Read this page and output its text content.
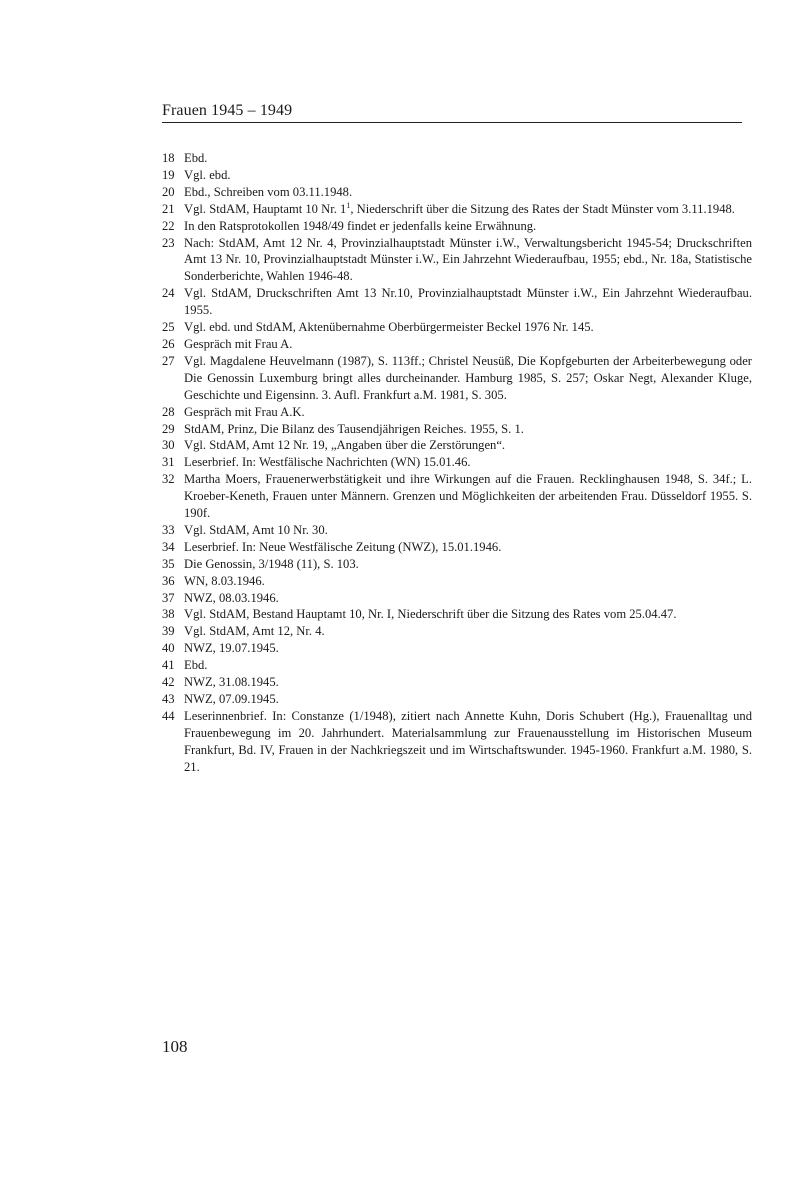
Frauen 1945 – 1949
18 Ebd.
19 Vgl. ebd.
20 Ebd., Schreiben vom 03.11.1948.
21 Vgl. StdAM, Hauptamt 10 Nr. $1^1$, Niederschrift über die Sitzung des Rates der Stadt Münster vom 3.11.1948.
22 In den Ratsprotokollen 1948/49 findet er jedenfalls keine Erwähnung.
23 Nach: StdAM, Amt 12 Nr. 4, Provinzialhauptstadt Münster i.W., Verwaltungsbericht 1945-54; Druckschriften Amt 13 Nr. 10, Provinzialhauptstadt Münster i.W., Ein Jahrzehnt Wiederaufbau, 1955; ebd., Nr. 18a, Statistische Sonderberichte, Wahlen 1946-48.
24 Vgl. StdAM, Druckschriften Amt 13 Nr.10, Provinzialhauptstadt Münster i.W., Ein Jahrzehnt Wiederaufbau. 1955.
25 Vgl. ebd. und StdAM, Aktenübernahme Oberbürgermeister Beckel 1976 Nr. 145.
26 Gespräch mit Frau A.
27 Vgl. Magdalene Heuvelmann (1987), S. 113ff.; Christel Neusüß, Die Kopfgeburten der Arbeiterbewegung oder Die Genossin Luxemburg bringt alles durcheinander. Hamburg 1985, S. 257; Oskar Negt, Alexander Kluge, Geschichte und Eigensinn. 3. Aufl. Frankfurt a.M. 1981, S. 305.
28 Gespräch mit Frau A.K.
29 StdAM, Prinz, Die Bilanz des Tausendjährigen Reiches. 1955, S. 1.
30 Vgl. StdAM, Amt 12 Nr. 19, „Angaben über die Zerstörungen“.
31 Leserbrief. In: Westfälische Nachrichten (WN) 15.01.46.
32 Martha Moers, Frauenerwerbstätigkeit und ihre Wirkungen auf die Frauen. Recklinghausen 1948, S. 34f.; L. Kroeber-Keneth, Frauen unter Männern. Grenzen und Möglichkeiten der arbeitenden Frau. Düsseldorf 1955. S. 190f.
33 Vgl. StdAM, Amt 10 Nr. 30.
34 Leserbrief. In: Neue Westfälische Zeitung (NWZ), 15.01.1946.
35 Die Genossin, 3/1948 (11), S. 103.
36 WN, 8.03.1946.
37 NWZ, 08.03.1946.
38 Vgl. StdAM, Bestand Hauptamt 10, Nr. I, Niederschrift über die Sitzung des Rates vom 25.04.47.
39 Vgl. StdAM, Amt 12, Nr. 4.
40 NWZ, 19.07.1945.
41 Ebd.
42 NWZ, 31.08.1945.
43 NWZ, 07.09.1945.
44 Leserinnenbrief. In: Constanze (1/1948), zitiert nach Annette Kuhn, Doris Schubert (Hg.), Frauenalltag und Frauenbewegung im 20. Jahrhundert. Materialsammlung zur Frauenausstellung im Historischen Museum Frankfurt, Bd. IV, Frauen in der Nachkriegszeit und im Wirtschaftswunder. 1945-1960. Frankfurt a.M. 1980, S. 21.
108
